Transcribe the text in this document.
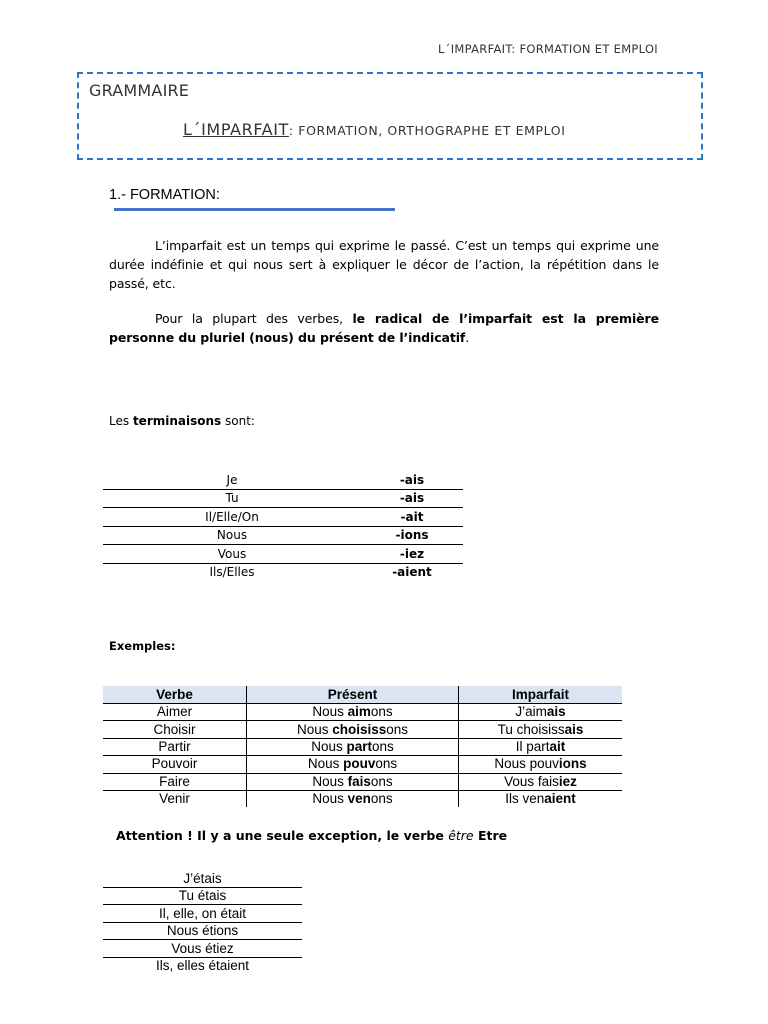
L´IMPARFAIT: FORMATION ET EMPLOI
GRAMMAIRE
L´IMPARFAIT: FORMATION, ORTHOGRAPHE ET EMPLOI
1.- FORMATION:
L’imparfait est un temps qui exprime le passé. C’est un temps qui exprime une durée indéfinie et qui nous sert à expliquer le décor de l’action, la répétition dans le passé, etc.
Pour la plupart des verbes, le radical de l’imparfait est la première personne du pluriel (nous) du présent de l’indicatif.
Les terminaisons sont:
Je	-ais
Tu	-ais
Il/Elle/On	-ait
Nous	-ions
Vous	-iez
Ils/Elles	-aient
Exemples:
Verbe	Présent	Imparfait
Aimer	Nous aimons	J’aimais
Choisir	Nous choisissons	Tu choisissais
Partir	Nous partons	Il partait
Pouvoir	Nous pouvons	Nous pouvions
Faire	Nous faisons	Vous faisiez
Venir	Nous venons	Ils venaient
Attention ! Il y a une seule exception, le verbe être Etre
J’étais
Tu étais
Il, elle, on était
Nous étions
Vous étiez
Ils, elles étaient
